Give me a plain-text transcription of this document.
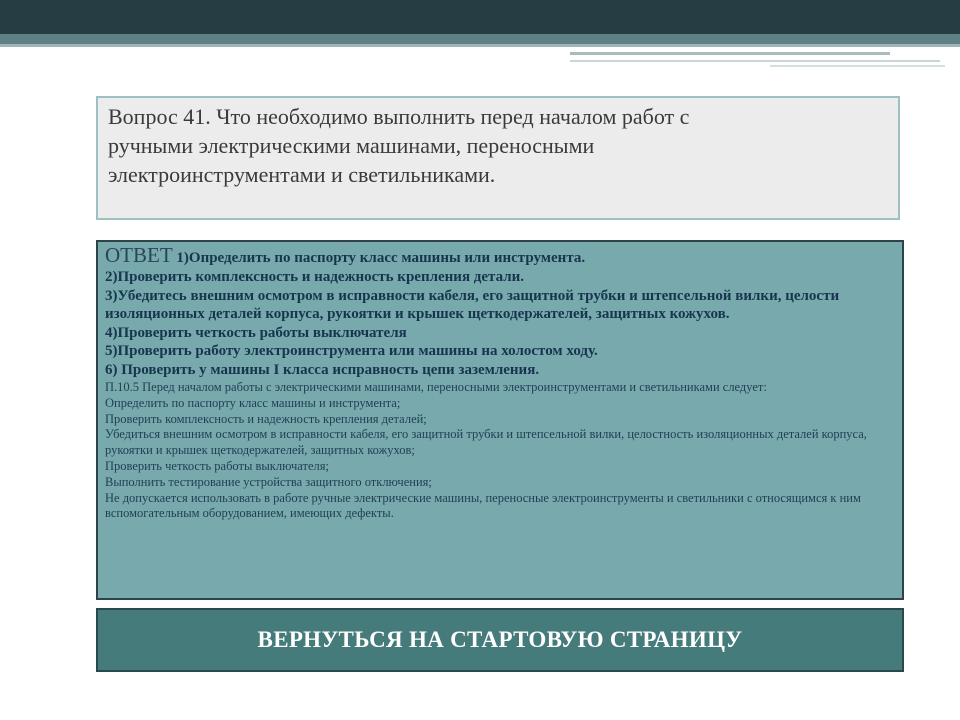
Вопрос 41. Что необходимо выполнить перед началом работ с
ручными электрическими машинами, переносными
электроинструментами и светильниками.
ОТВЕТ 1)Определить по паспорту класс машины или инструмента.
2)Проверить комплексность и надежность крепления детали.
3)Убедитесь внешним осмотром в исправности кабеля, его защитной трубки и штепсельной вилки, целости изоляционных деталей корпуса, рукоятки и крышек щеткодержателей, защитных кожухов.
4)Проверить четкость работы выключателя
5)Проверить работу электроинструмента или машины на холостом ходу.
6) Проверить у машины I класса исправность цепи заземления.
П.10.5 Перед началом работы с электрическими машинами, переносными электроинструментами и светильниками следует:
Определить по паспорту класс машины и инструмента;
Проверить комплексность и надежность крепления деталей;
Убедиться внешним осмотром в исправности кабеля, его защитной трубки и штепсельной вилки, целостность изоляционных деталей корпуса, рукоятки и крышек щеткодержателей, защитных кожухов;
Проверить четкость работы выключателя;
Выполнить тестирование устройства защитного отключения;
Не допускается использовать в работе ручные электрические машины, переносные электроинструменты и светильники с относящимся к ним вспомогательным оборудованием, имеющих дефекты.
ВЕРНУТЬСЯ НА СТАРТОВУЮ СТРАНИЦУ
